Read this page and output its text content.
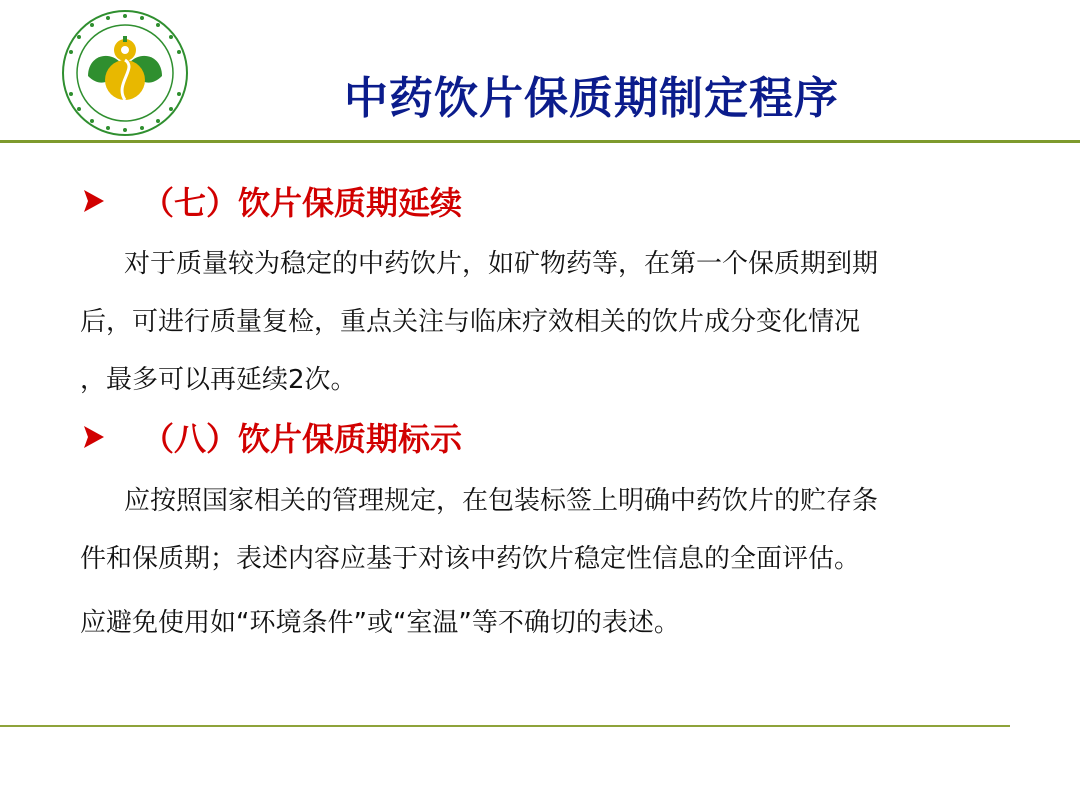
中药饮片保质期制定程序
（七）饮片保质期延续
对于质量较为稳定的中药饮片，如矿物药等，在第一个保质期到期
后，可进行质量复检，重点关注与临床疗效相关的饮片成分变化情况
，最多可以再延续2次。
（八）饮片保质期标示
应按照国家相关的管理规定，在包装标签上明确中药饮片的贮存条
件和保质期；表述内容应基于对该中药饮片稳定性信息的全面评估。
应避免使用如“环境条件”或“室温”等不确切的表述。
